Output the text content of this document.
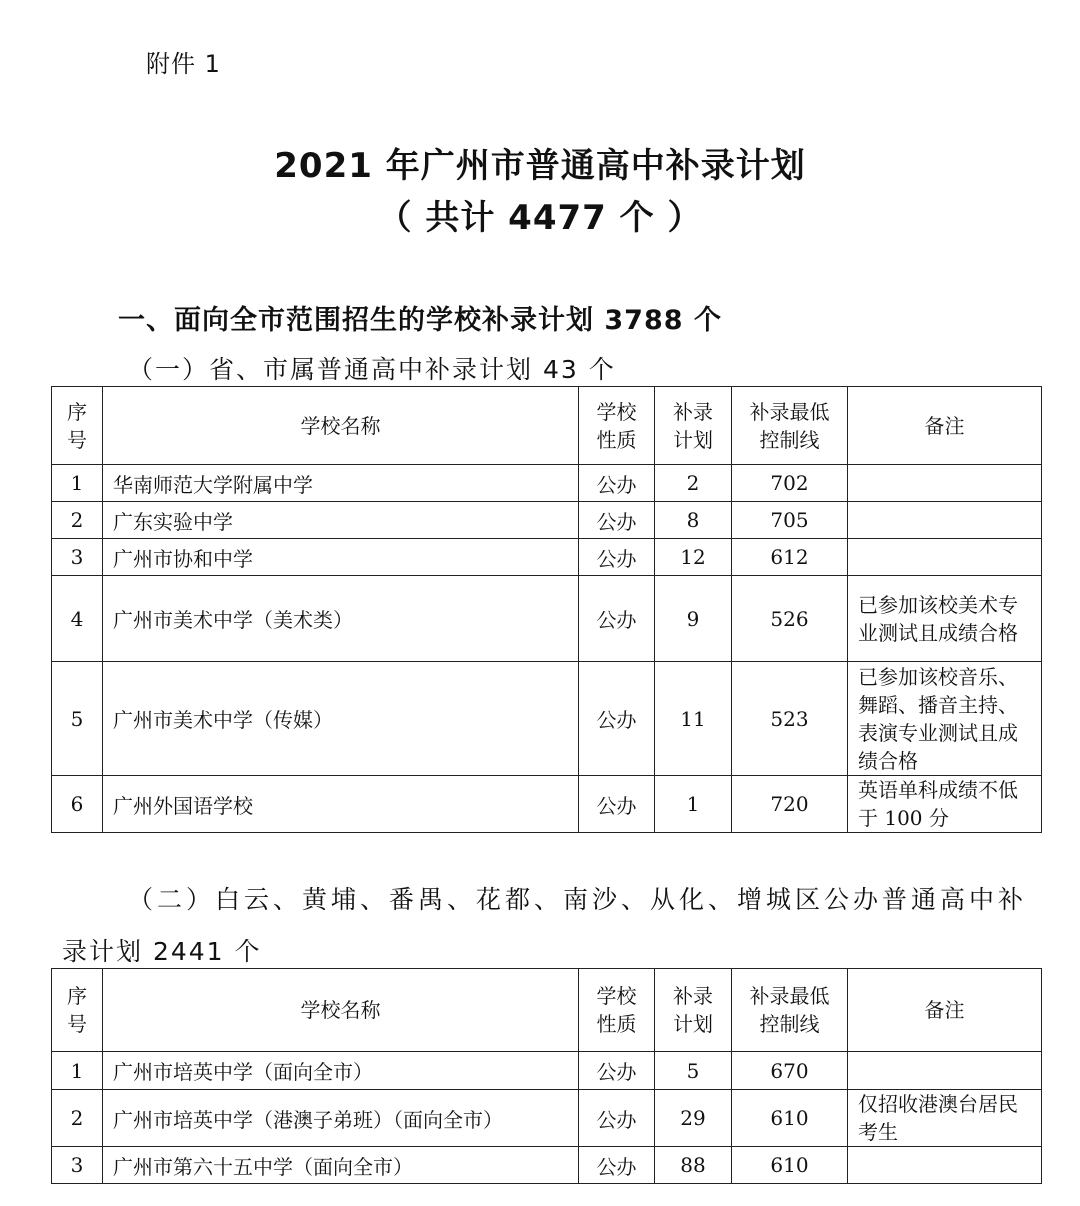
附件 1
2021 年广州市普通高中补录计划
（ 共计 4477 个 ）
一、面向全市范围招生的学校补录计划 3788 个
（一）省、市属普通高中补录计划 43 个
序号	学校名称	学校性质	补录计划	补录最低控制线	备注
1	华南师范大学附属中学	公办	2	702	
2	广东实验中学	公办	8	705	
3	广州市协和中学	公办	12	612	
4	广州市美术中学（美术类）	公办	9	526	已参加该校美术专业测试且成绩合格
5	广州市美术中学（传媒）	公办	11	523	已参加该校音乐、舞蹈、播音主持、表演专业测试且成绩合格
6	广州外国语学校	公办	1	720	英语单科成绩不低于 100 分
（二）白云、黄埔、番禺、花都、南沙、从化、增城区公办普通高中补
录计划 2441 个
序号	学校名称	学校性质	补录计划	补录最低控制线	备注
1	广州市培英中学（面向全市）	公办	5	670	
2	广州市培英中学（港澳子弟班）（面向全市）	公办	29	610	仅招收港澳台居民考生
3	广州市第六十五中学（面向全市）	公办	88	610	
